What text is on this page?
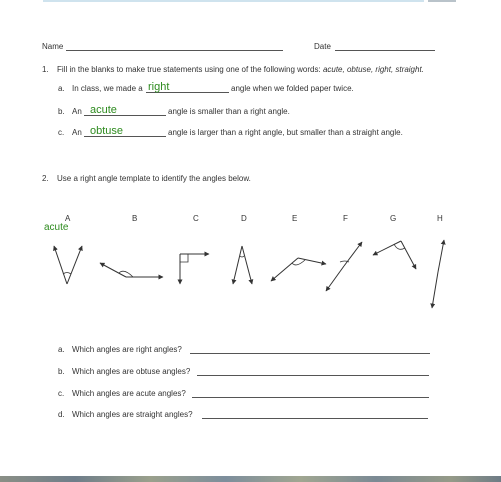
Name	Date
1. Fill in the blanks to make true statements using one of the following words: acute, obtuse, right, straight.
a. In class, we made a right	angle when we folded paper twice.
b. An acute	angle is smaller than a right angle.
c. An obtuse	angle is larger than a right angle, but smaller than a straight angle.
2. Use a right angle template to identify the angles below.
A	B	C	D	E	F	G	H
acute
a. Which angles are right angles?
b. Which angles are obtuse angles?
c. Which angles are acute angles?
d. Which angles are straight angles?
